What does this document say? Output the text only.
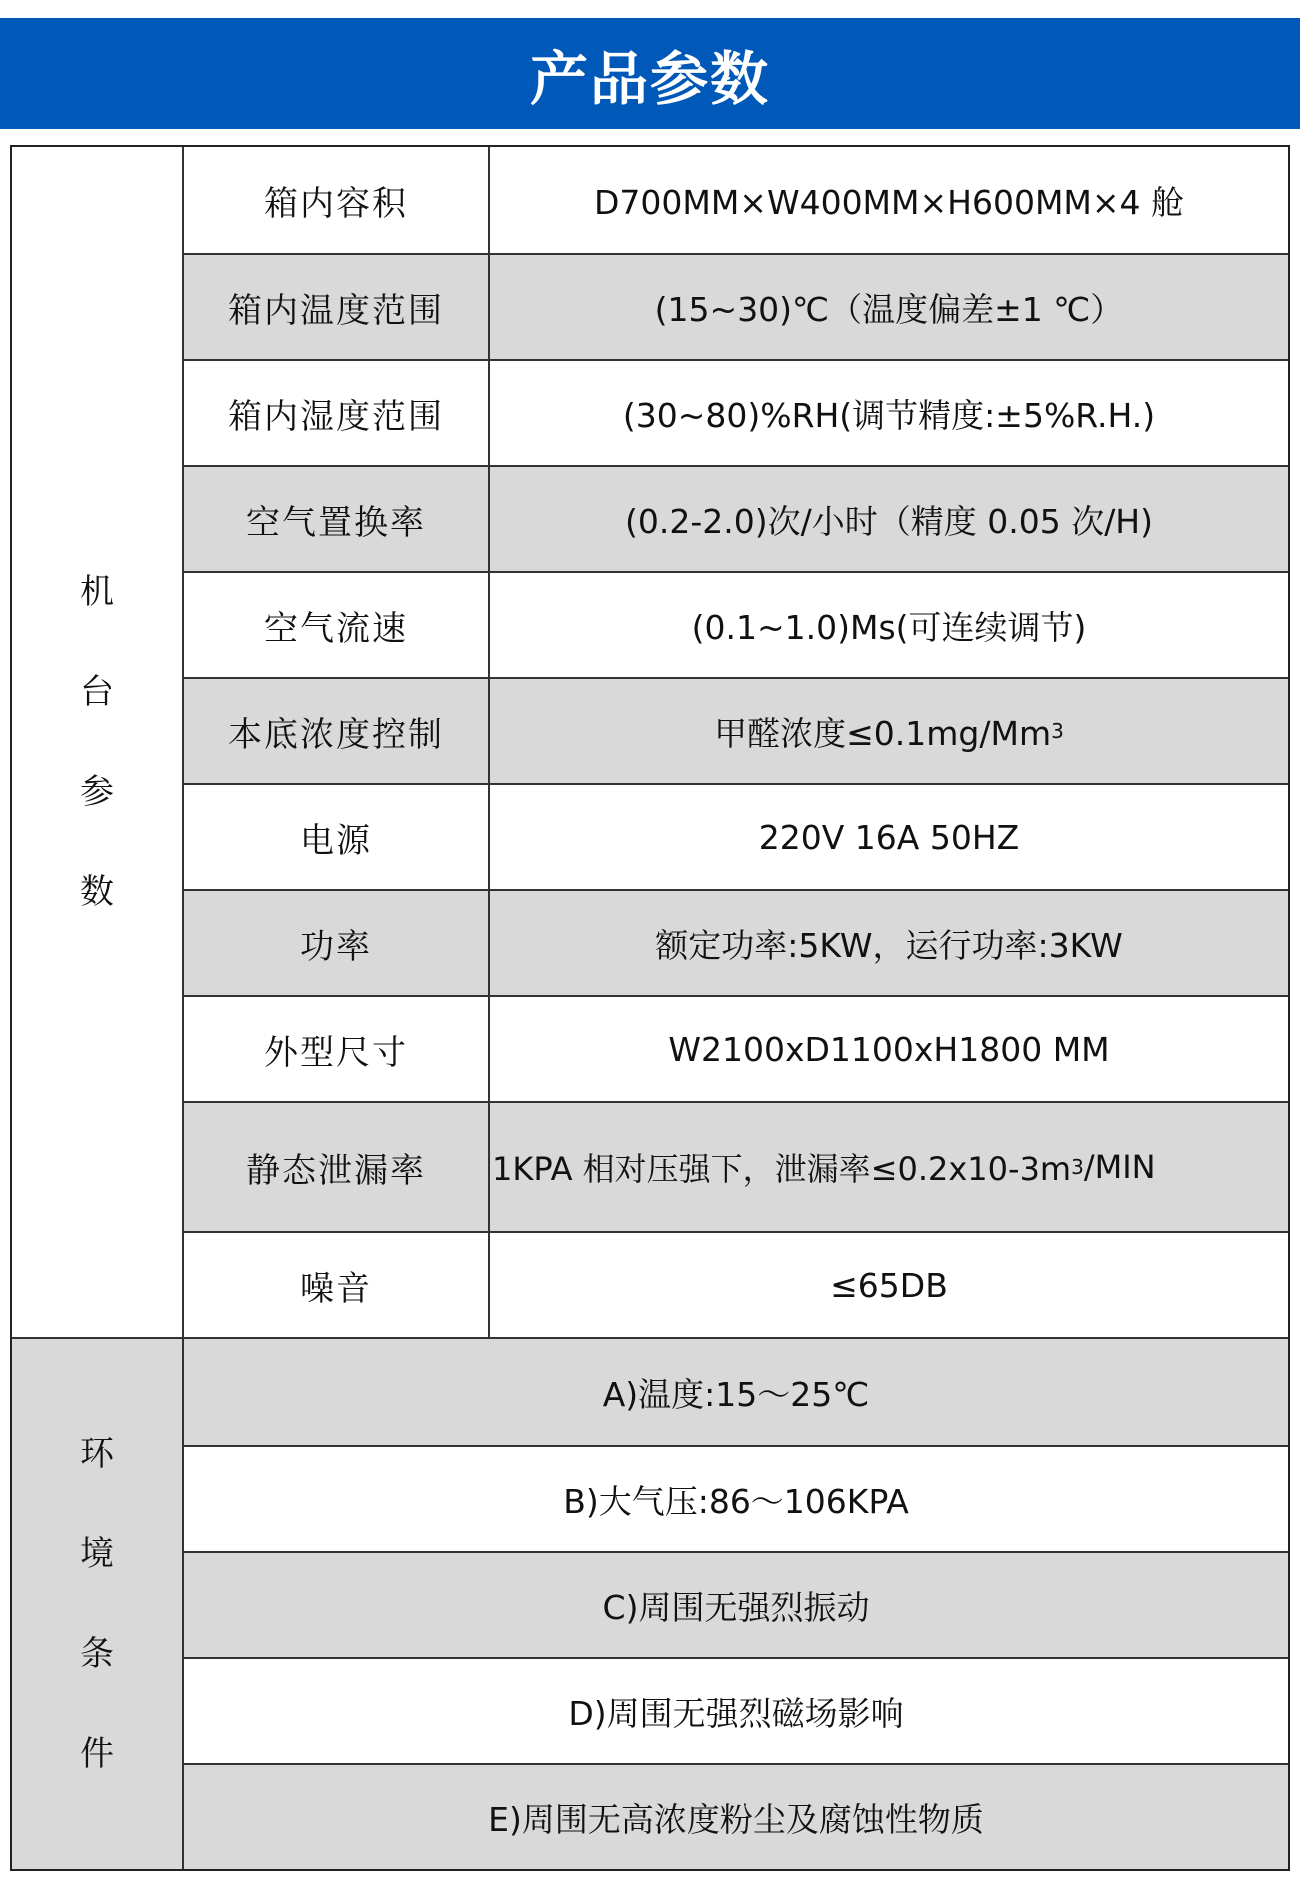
产品参数
机
台
参
数
箱内容积	D700MM×W400MM×H600MM×4 舱
箱内温度范围	(15~30)℃（温度偏差±1 ℃）
箱内湿度范围	(30~80)%RH(调节精度:±5%R.H.)
空气置换率	(0.2-2.0)次/小时（精度 0.05 次/H)
空气流速	(0.1~1.0)Ms(可连续调节)
本底浓度控制	甲醛浓度≤0.1mg/Mm 3
电源	220V 16A 50HZ
功率	额定功率:5KW，运行功率:3KW
外型尺寸	W2100xD1100xH1800 MM
静态泄漏率	1KPA 相对压强下，泄漏率≤0.2x10-3m 3 /MIN
噪音	≤65DB
环
境
条
件
A)温度:15～25℃
B)大气压:86～106KPA
C)周围无强烈振动
D)周围无强烈磁场影响
E)周围无高浓度粉尘及腐蚀性物质
